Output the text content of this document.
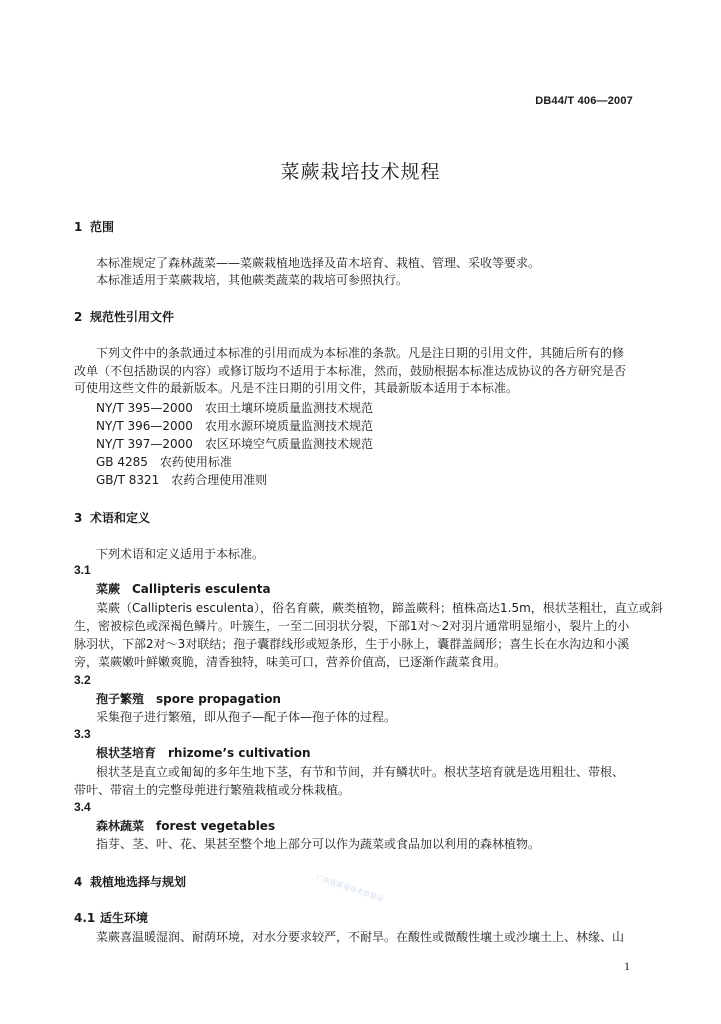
DB44/T 406—2007
菜蕨栽培技术规程
1 范围
本标准规定了森林蔬菜——菜蕨栽植地选择及苗木培育、栽植、管理、采收等要求。
本标准适用于菜蕨栽培，其他蕨类蔬菜的栽培可参照执行。
2 规范性引用文件
下列文件中的条款通过本标准的引用而成为本标准的条款。凡是注日期的引用文件，其随后所有的修
改单（不包括勘误的内容）或修订版均不适用于本标准，然而，鼓励根据本标准达成协议的各方研究是否
可使用这些文件的最新版本。凡是不注日期的引用文件，其最新版本适用于本标准。
NY/T 395—2000　农田土壤环境质量监测技术规范
NY/T 396—2000　农用水源环境质量监测技术规范
NY/T 397—2000　农区环境空气质量监测技术规范
GB 4285　农药使用标准
GB/T 8321　农药合理使用准则
3 术语和定义
下列术语和定义适用于本标准。
3.1
菜蕨　Callipteris esculenta
菜蕨（Callipteris esculenta），俗名育蕨，蕨类植物，蹄盖蕨科；植株高达1.5m，根状茎粗壮，直立或斜
生，密被棕色或深褐色鳞片。叶簇生，一至二回羽状分裂，下部1对～2对羽片通常明显缩小，裂片上的小
脉羽状，下部2对～3对联结；孢子囊群线形或短条形，生于小脉上，囊群盖阔形；喜生长在水沟边和小溪
旁，菜蕨嫩叶鲜嫩爽脆，清香独特，味美可口，营养价值高，已逐渐作蔬菜食用。
3.2
孢子繁殖　spore propagation
采集孢子进行繁殖，即从孢子—配子体—孢子体的过程。
3.3
根状茎培育　rhizome’s cultivation
根状茎是直立或匍匐的多年生地下茎，有节和节间，并有鳞状叶。根状茎培育就是选用粗壮、带根、
带叶、带宿土的完整母蔸进行繁殖栽植或分株栽植。
3.4
森林蔬菜　forest vegetables
指芽、茎、叶、花、果甚至整个地上部分可以作为蔬菜或食品加以利用的森林植物。
广东省质量技术监督局
4 栽植地选择与规划
4.1 适生环境
菜蕨喜温暖湿润、耐荫环境，对水分要求较严，不耐旱。在酸性或微酸性壤土或沙壤土上、林缘、山
1
